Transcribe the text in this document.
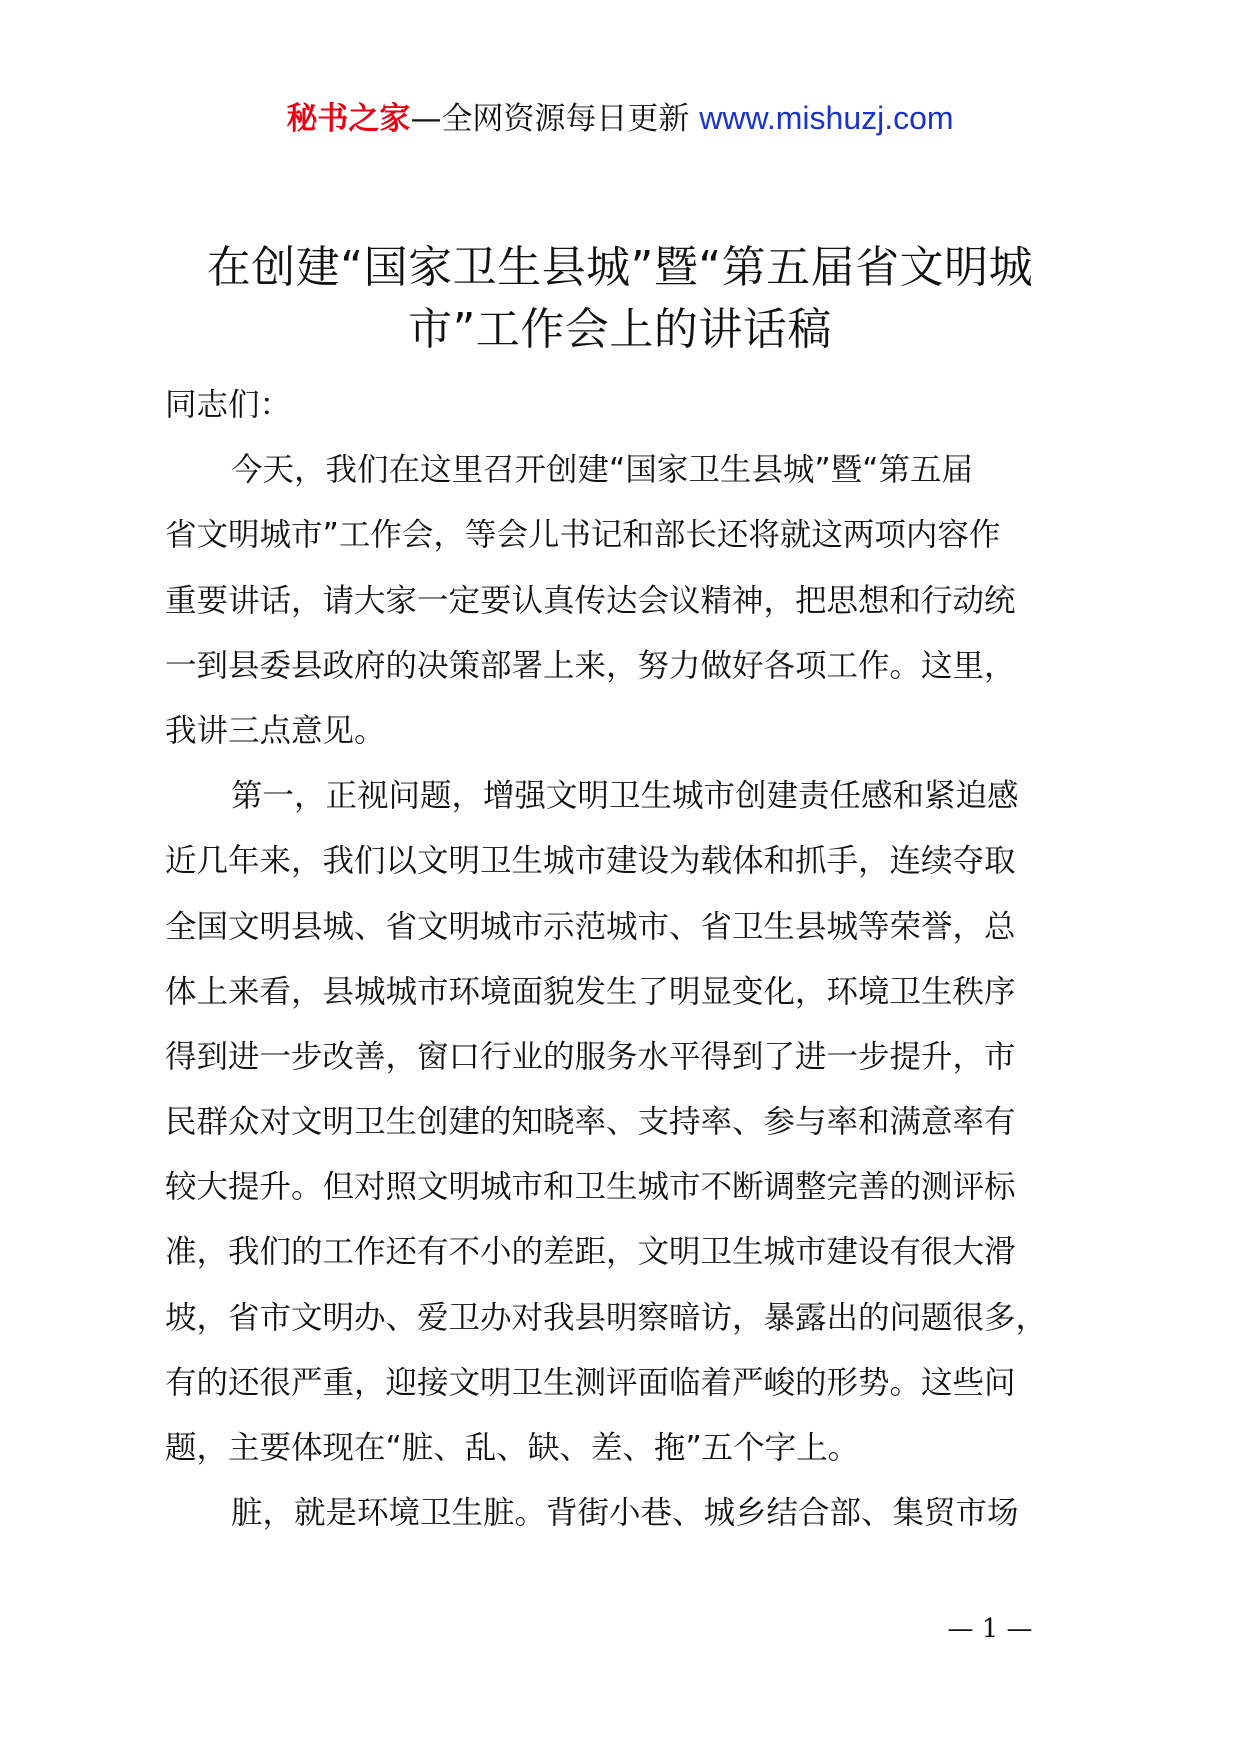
秘书之家—全网资源每日更新 www.mishuzj.com
在创建“国家卫生县城”暨“第五届省文明城
市”工作会上的讲话稿
同志们：
今天，我们在这里召开创建“国家卫生县城”暨“第五届
省文明城市”工作会，等会儿书记和部长还将就这两项内容作
重要讲话，请大家一定要认真传达会议精神，把思想和行动统
一到县委县政府的决策部署上来，努力做好各项工作。这里，
我讲三点意见。
第一，正视问题，增强文明卫生城市创建责任感和紧迫感
近几年来，我们以文明卫生城市建设为载体和抓手，连续夺取
全国文明县城、省文明城市示范城市、省卫生县城等荣誉，总
体上来看，县城城市环境面貌发生了明显变化，环境卫生秩序
得到进一步改善，窗口行业的服务水平得到了进一步提升，市
民群众对文明卫生创建的知晓率、支持率、参与率和满意率有
较大提升。但对照文明城市和卫生城市不断调整完善的测评标
准，我们的工作还有不小的差距，文明卫生城市建设有很大滑
坡，省市文明办、爱卫办对我县明察暗访，暴露出的问题很多，
有的还很严重，迎接文明卫生测评面临着严峻的形势。这些问
题，主要体现在“脏、乱、缺、差、拖”五个字上。
脏，就是环境卫生脏。背街小巷、城乡结合部、集贸市场
— 1 —
